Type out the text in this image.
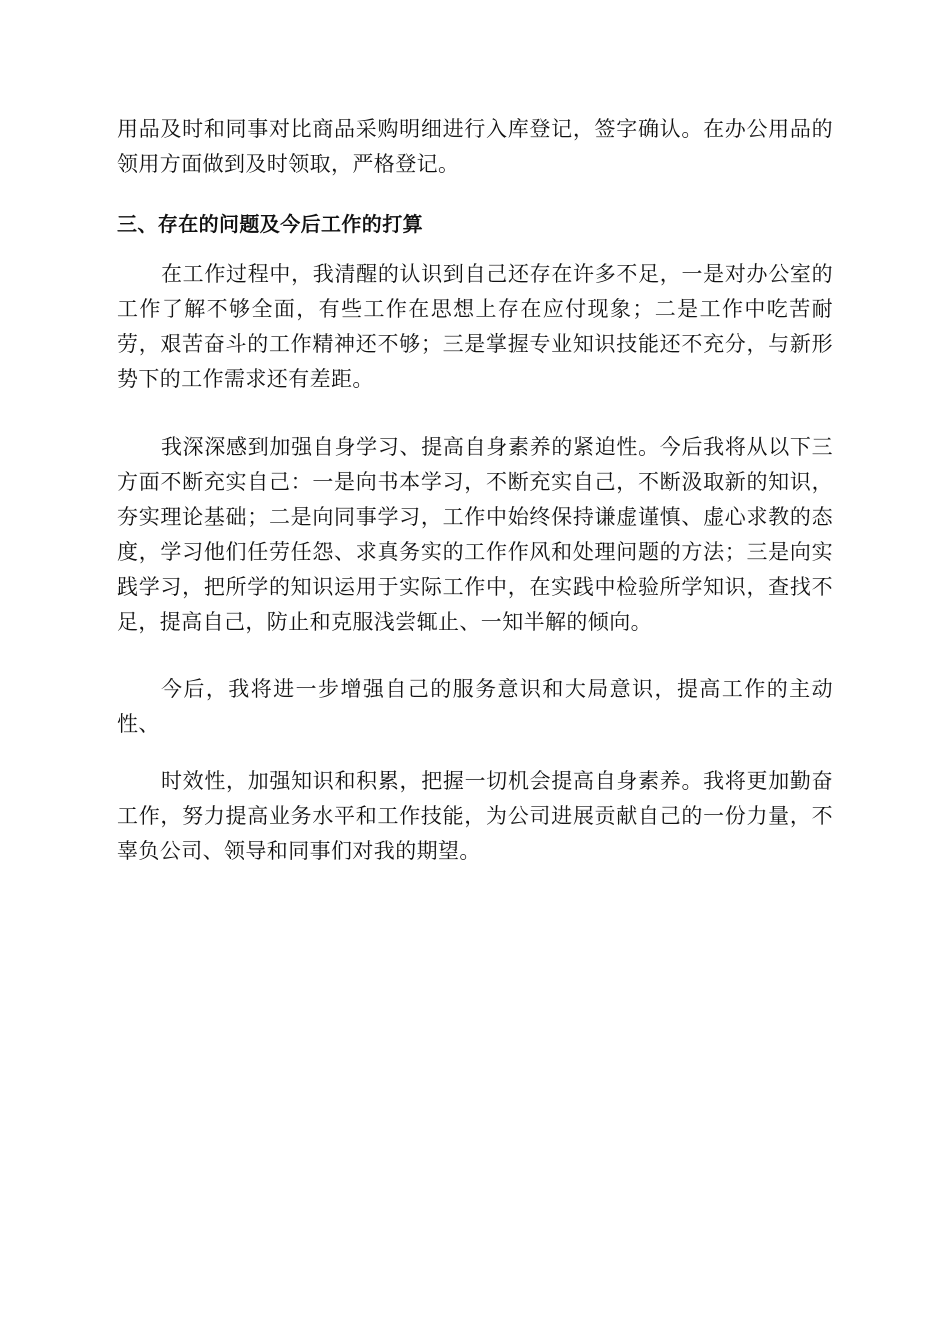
用品及时和同事对比商品采购明细进行入库登记，签字确认。在办公用品的领用方面做到及时领取，严格登记。

三、存在的问题及今后工作的打算

在工作过程中，我清醒的认识到自己还存在许多不足，一是对办公室的工作了解不够全面，有些工作在思想上存在应付现象；二是工作中吃苦耐劳，艰苦奋斗的工作精神还不够；三是掌握专业知识技能还不充分，与新形势下的工作需求还有差距。

我深深感到加强自身学习、提高自身素养的紧迫性。今后我将从以下三方面不断充实自己：一是向书本学习，不断充实自己，不断汲取新的知识，夯实理论基础；二是向同事学习，工作中始终保持谦虚谨慎、虚心求教的态度，学习他们任劳任怨、求真务实的工作作风和处理问题的方法；三是向实践学习，把所学的知识运用于实际工作中，在实践中检验所学知识，查找不足，提高自己，防止和克服浅尝辄止、一知半解的倾向。

今后，我将进一步增强自己的服务意识和大局意识，提高工作的主动性、

时效性，加强知识和积累，把握一切机会提高自身素养。我将更加勤奋工作，努力提高业务水平和工作技能，为公司进展贡献自己的一份力量，不辜负公司、领导和同事们对我的期望。
